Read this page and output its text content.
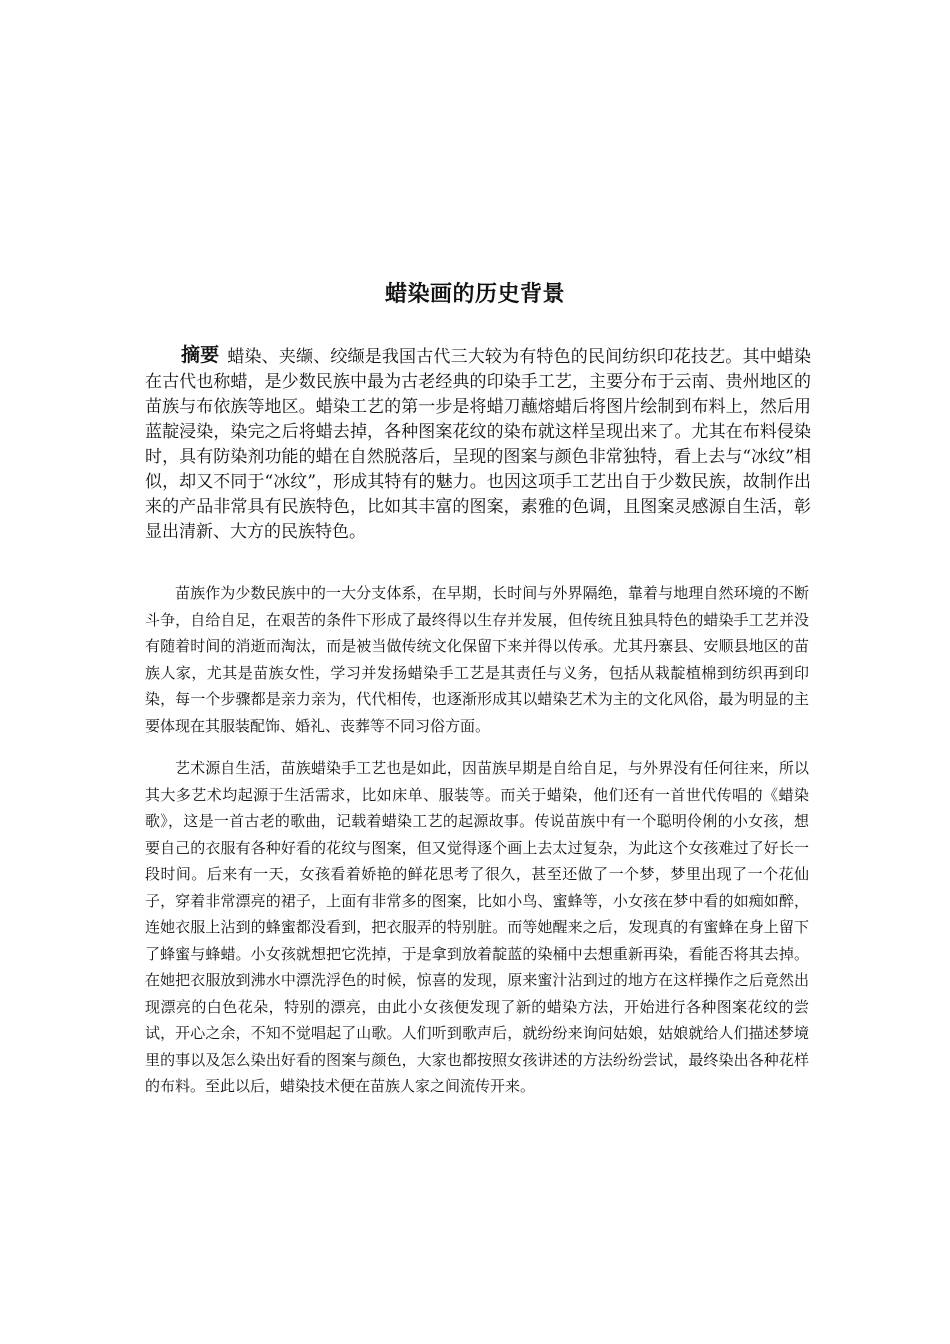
蜡染画的历史背景
摘要 蜡染、夹缬、绞缬是我国古代三大较为有特色的民间纺织印花技艺。其中蜡染在古代也称蜡，是少数民族中最为古老经典的印染手工艺，主要分布于云南、贵州地区的苗族与布依族等地区。蜡染工艺的第一步是将蜡刀蘸熔蜡后将图片绘制到布料上，然后用蓝靛浸染，染完之后将蜡去掉，各种图案花纹的染布就这样呈现出来了。尤其在布料侵染时，具有防染剂功能的蜡在自然脱落后，呈现的图案与颜色非常独特，看上去与“冰纹”相似，却又不同于“冰纹”，形成其特有的魅力。也因这项手工艺出自于少数民族，故制作出来的产品非常具有民族特色，比如其丰富的图案，素雅的色调，且图案灵感源自生活，彰显出清新、大方的民族特色。
苗族作为少数民族中的一大分支体系，在早期，长时间与外界隔绝，靠着与地理自然环境的不断斗争，自给自足，在艰苦的条件下形成了最终得以生存并发展，但传统且独具特色的蜡染手工艺并没有随着时间的消逝而淘汰，而是被当做传统文化保留下来并得以传承。尤其丹寨县、安顺县地区的苗族人家，尤其是苗族女性，学习并发扬蜡染手工艺是其责任与义务，包括从栽靛植棉到纺织再到印染，每一个步骤都是亲力亲为，代代相传，也逐渐形成其以蜡染艺术为主的文化风俗，最为明显的主要体现在其服装配饰、婚礼、丧葬等不同习俗方面。
艺术源自生活，苗族蜡染手工艺也是如此，因苗族早期是自给自足，与外界没有任何往来，所以其大多艺术均起源于生活需求，比如床单、服装等。而关于蜡染，他们还有一首世代传唱的《蜡染歌》，这是一首古老的歌曲，记载着蜡染工艺的起源故事。传说苗族中有一个聪明伶俐的小女孩，想要自己的衣服有各种好看的花纹与图案，但又觉得逐个画上去太过复杂，为此这个女孩难过了好长一段时间。后来有一天，女孩看着娇艳的鲜花思考了很久，甚至还做了一个梦，梦里出现了一个花仙子，穿着非常漂亮的裙子，上面有非常多的图案，比如小鸟、蜜蜂等，小女孩在梦中看的如痴如醉，连她衣服上沾到的蜂蜜都没看到，把衣服弄的特别脏。而等她醒来之后，发现真的有蜜蜂在身上留下了蜂蜜与蜂蜡。小女孩就想把它洗掉，于是拿到放着靛蓝的染桶中去想重新再染，看能否将其去掉。在她把衣服放到沸水中漂洗浮色的时候，惊喜的发现，原来蜜汁沾到过的地方在这样操作之后竟然出现漂亮的白色花朵，特别的漂亮，由此小女孩便发现了新的蜡染方法，开始进行各种图案花纹的尝试，开心之余，不知不觉唱起了山歌。人们听到歌声后，就纷纷来询问姑娘，姑娘就给人们描述梦境里的事以及怎么染出好看的图案与颜色，大家也都按照女孩讲述的方法纷纷尝试，最终染出各种花样的布料。至此以后，蜡染技术便在苗族人家之间流传开来。
